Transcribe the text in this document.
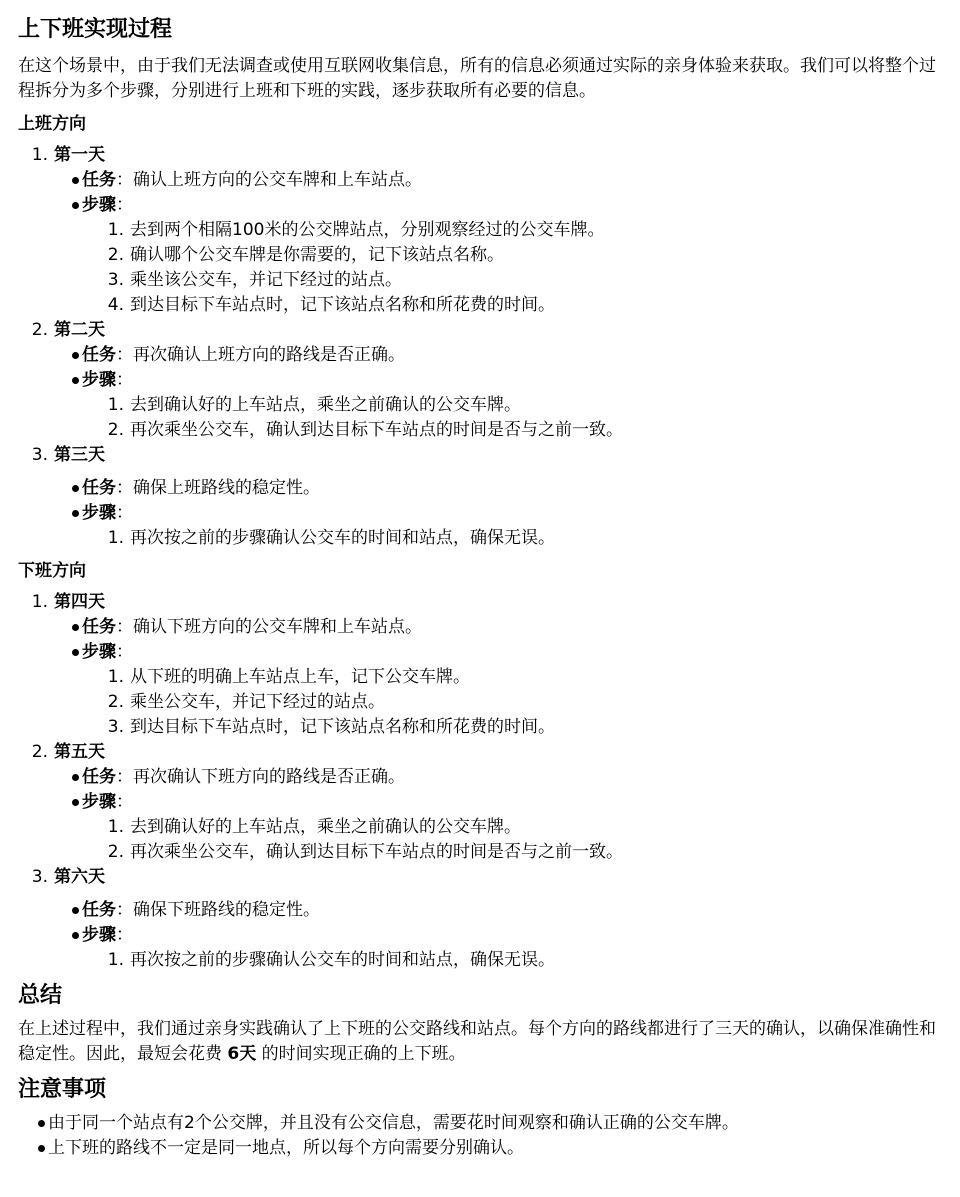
上下班实现过程

在这个场景中，由于我们无法调查或使用互联网收集信息，所有的信息必须通过实际的亲身体验来获取。我们可以将整个过程拆分为多个步骤，分别进行上班和下班的实践，逐步获取所有必要的信息。

上班方向
1. 第一天
任务：确认上班方向的公交车牌和上车站点。
步骤：
1. 去到两个相隔100米的公交牌站点，分别观察经过的公交车牌。
2. 确认哪个公交车牌是你需要的，记下该站点名称。
3. 乘坐该公交车，并记下经过的站点。
4. 到达目标下车站点时，记下该站点名称和所花费的时间。
2. 第二天
任务：再次确认上班方向的路线是否正确。
步骤：
1. 去到确认好的上车站点，乘坐之前确认的公交车牌。
2. 再次乘坐公交车，确认到达目标下车站点的时间是否与之前一致。
3. 第三天
任务：确保上班路线的稳定性。
步骤：
1. 再次按之前的步骤确认公交车的时间和站点，确保无误。
下班方向
1. 第四天
任务：确认下班方向的公交车牌和上车站点。
步骤：
1. 从下班的明确上车站点上车，记下公交车牌。
2. 乘坐公交车，并记下经过的站点。
3. 到达目标下车站点时，记下该站点名称和所花费的时间。
2. 第五天
任务：再次确认下班方向的路线是否正确。
步骤：
1. 去到确认好的上车站点，乘坐之前确认的公交车牌。
2. 再次乘坐公交车，确认到达目标下车站点的时间是否与之前一致。
3. 第六天
任务：确保下班路线的稳定性。
步骤：
1. 再次按之前的步骤确认公交车的时间和站点，确保无误。
总结

在上述过程中，我们通过亲身实践确认了上下班的公交路线和站点。每个方向的路线都进行了三天的确认，以确保准确性和稳定性。因此，最短会花费 6天 的时间实现正确的上下班。

注意事项
由于同一个站点有2个公交牌，并且没有公交信息，需要花时间观察和确认正确的公交车牌。
上下班的路线不一定是同一地点，所以每个方向需要分别确认。
